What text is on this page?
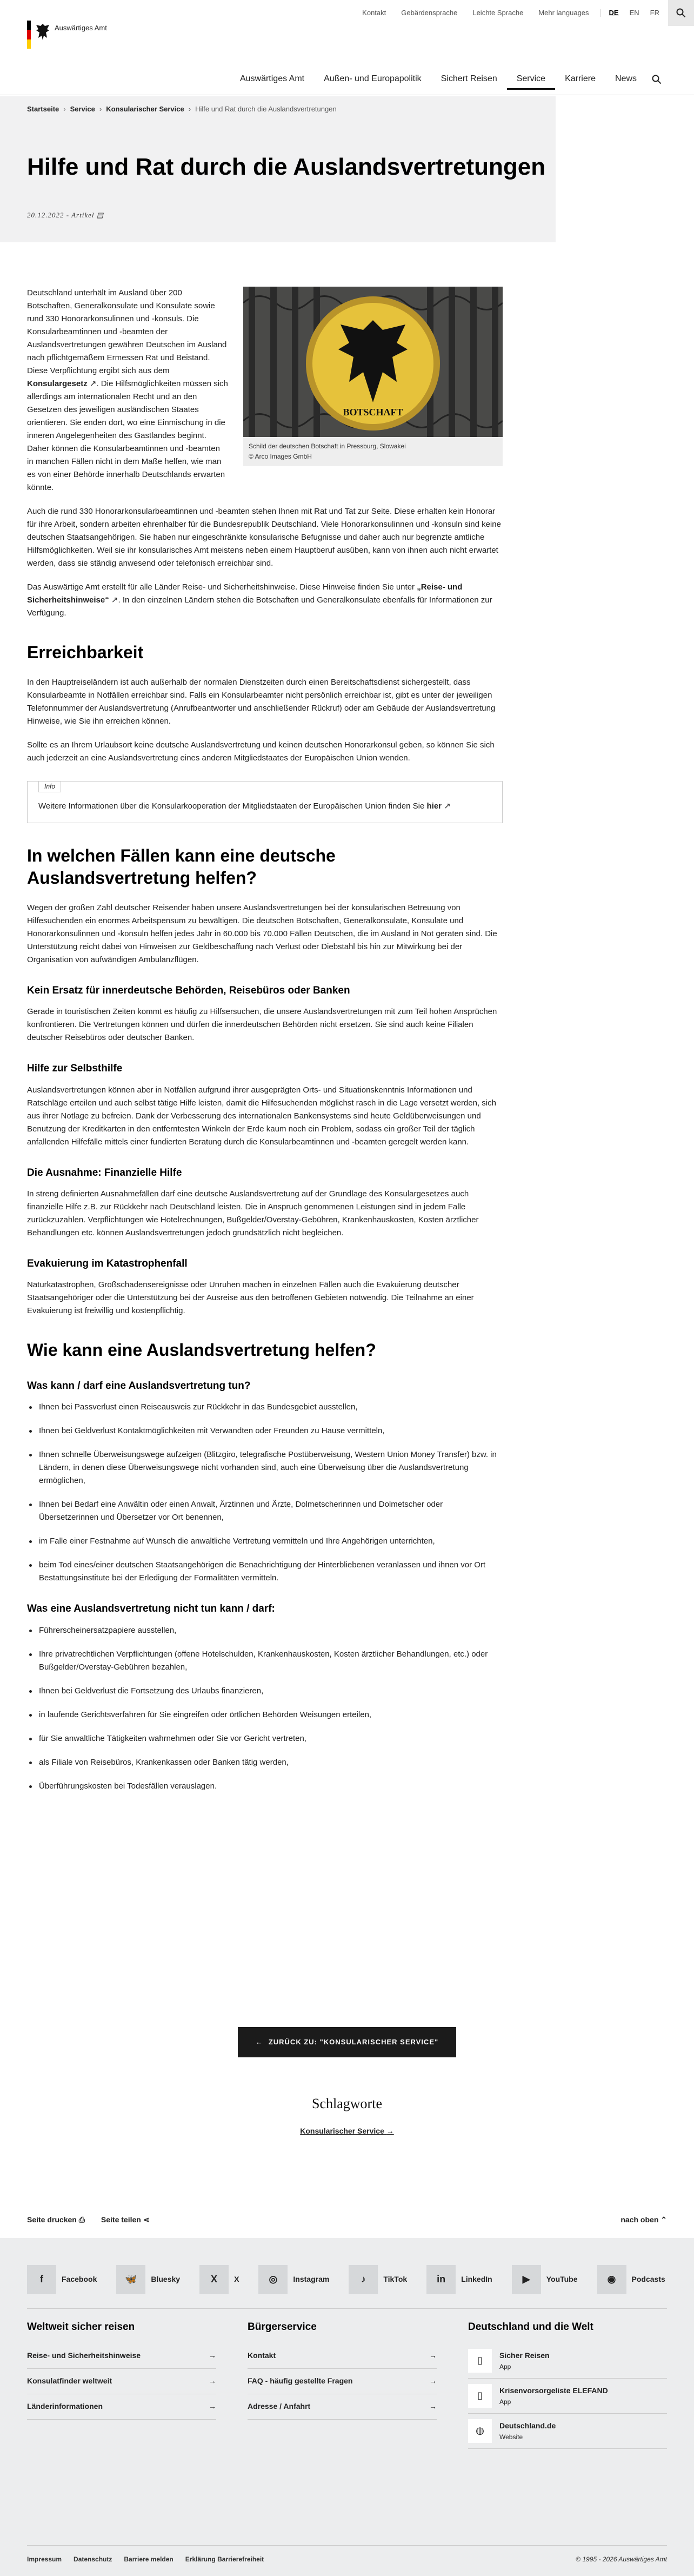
Kontakt Gebärdensprache Leichte Sprache Mehr languages	DE EN FR
Auswärtiges Amt
Auswärtiges Amt	Außen- und Europapolitik	Sichert Reisen	Service	Karriere	News
Startseite › Service › Konsularischer Service › Hilfe und Rat durch die Auslandsvertretungen
Hilfe und Rat durch die Auslandsvertretungen
20.12.2022 - Artikel ▤
BOTSCHAFT
Schild der deutschen Botschaft in Pressburg, Slowakei
© Arco Images GmbH

Deutschland unterhält im Ausland über 200 Botschaften, Generalkonsulate und Konsulate sowie rund 330 Honorarkonsulinnen und -konsuls. Die Konsularbeamtinnen und -beamten der Auslandsvertretungen gewähren Deutschen im Ausland nach pflichtgemäßem Ermessen Rat und Beistand. Diese Verpflichtung ergibt sich aus dem Konsulargesetz ↗. Die Hilfsmöglichkeiten müssen sich allerdings am internationalen Recht und an den Gesetzen des jeweiligen ausländischen Staates orientieren. Sie enden dort, wo eine Einmischung in die inneren Angelegenheiten des Gastlandes beginnt. Daher können die Konsularbeamtinnen und -beamten in manchen Fällen nicht in dem Maße helfen, wie man es von einer Behörde innerhalb Deutschlands erwarten könnte.

Auch die rund 330 Honorarkonsularbeamtinnen und -beamten stehen Ihnen mit Rat und Tat zur Seite. Diese erhalten kein Honorar für ihre Arbeit, sondern arbeiten ehrenhalber für die Bundesrepublik Deutschland. Viele Honorarkonsulinnen und -konsuln sind keine deutschen Staatsangehörigen. Sie haben nur eingeschränkte konsularische Befugnisse und daher auch nur begrenzte amtliche Hilfsmöglichkeiten. Weil sie ihr konsularisches Amt meistens neben einem Hauptberuf ausüben, kann von ihnen auch nicht erwartet werden, dass sie ständig anwesend oder telefonisch erreichbar sind.

Das Auswärtige Amt erstellt für alle Länder Reise- und Sicherheitshinweise. Diese Hinweise finden Sie unter „Reise- und Sicherheitshinweise“ ↗. In den einzelnen Ländern stehen die Botschaften und Generalkonsulate ebenfalls für Informationen zur Verfügung.

Erreichbarkeit

In den Hauptreiseländern ist auch außerhalb der normalen Dienstzeiten durch einen Bereitschaftsdienst sichergestellt, dass Konsularbeamte in Notfällen erreichbar sind. Falls ein Konsularbeamter nicht persönlich erreichbar ist, gibt es unter der jeweiligen Telefonnummer der Auslandsvertretung (Anrufbeantworter und anschließender Rückruf) oder am Gebäude der Auslandsvertretung Hinweise, wie Sie ihn erreichen können.

Sollte es an Ihrem Urlaubsort keine deutsche Auslandsvertretung und keinen deutschen Honorarkonsul geben, so können Sie sich auch jederzeit an eine Auslandsvertretung eines anderen Mitgliedstaates der Europäischen Union wenden.

Info

Weitere Informationen über die Konsularkooperation der Mitgliedstaaten der Europäischen Union finden Sie hier ↗

In welchen Fällen kann eine deutsche Auslandsvertretung helfen?

Wegen der großen Zahl deutscher Reisender haben unsere Auslandsvertretungen bei der konsularischen Betreuung von Hilfesuchenden ein enormes Arbeitspensum zu bewältigen. Die deutschen Botschaften, Generalkonsulate, Konsulate und Honorarkonsulinnen und -konsuln helfen jedes Jahr in 60.000 bis 70.000 Fällen Deutschen, die im Ausland in Not geraten sind. Die Unterstützung reicht dabei von Hinweisen zur Geldbeschaffung nach Verlust oder Diebstahl bis hin zur Mitwirkung bei der Organisation von aufwändigen Ambulanzflügen.

Kein Ersatz für innerdeutsche Behörden, Reisebüros oder Banken

Gerade in touristischen Zeiten kommt es häufig zu Hilfsersuchen, die unsere Auslandsvertretungen mit zum Teil hohen Ansprüchen konfrontieren. Die Vertretungen können und dürfen die innerdeutschen Behörden nicht ersetzen. Sie sind auch keine Filialen deutscher Reisebüros oder deutscher Banken.

Hilfe zur Selbsthilfe

Auslandsvertretungen können aber in Notfällen aufgrund ihrer ausgeprägten Orts- und Situationskenntnis Informationen und Ratschläge erteilen und auch selbst tätige Hilfe leisten, damit die Hilfesuchenden möglichst rasch in die Lage versetzt werden, sich aus ihrer Notlage zu befreien. Dank der Verbesserung des internationalen Bankensystems sind heute Geldüberweisungen und Benutzung der Kreditkarten in den entferntesten Winkeln der Erde kaum noch ein Problem, sodass ein großer Teil der täglich anfallenden Hilfefälle mittels einer fundierten Beratung durch die Konsularbeamtinnen und -beamten geregelt werden kann.

Die Ausnahme: Finanzielle Hilfe

In streng definierten Ausnahmefällen darf eine deutsche Auslandsvertretung auf der Grundlage des Konsulargesetzes auch finanzielle Hilfe z.B. zur Rückkehr nach Deutschland leisten. Die in Anspruch genommenen Leistungen sind in jedem Falle zurückzuzahlen. Verpflichtungen wie Hotelrechnungen, Bußgelder/Overstay-Gebühren, Krankenhauskosten, Kosten ärztlicher Behandlungen etc. können Auslandsvertretungen jedoch grundsätzlich nicht begleichen.

Evakuierung im Katastrophenfall

Naturkatastrophen, Großschadensereignisse oder Unruhen machen in einzelnen Fällen auch die Evakuierung deutscher Staatsangehöriger oder die Unterstützung bei der Ausreise aus den betroffenen Gebieten notwendig. Die Teilnahme an einer Evakuierung ist freiwillig und kostenpflichtig.

Wie kann eine Auslandsvertretung helfen?
Was kann / darf eine Auslandsvertretung tun?
Ihnen bei Passverlust einen Reiseausweis zur Rückkehr in das Bundesgebiet ausstellen,
Ihnen bei Geldverlust Kontaktmöglichkeiten mit Verwandten oder Freunden zu Hause vermitteln,
Ihnen schnelle Überweisungswege aufzeigen (Blitzgiro, telegrafische Postüberweisung, Western Union Money Transfer) bzw. in Ländern, in denen diese Überweisungswege nicht vorhanden sind, auch eine Überweisung über die Auslandsvertretung ermöglichen,
Ihnen bei Bedarf eine Anwältin oder einen Anwalt, Ärztinnen und Ärzte, Dolmetscherinnen und Dolmetscher oder Übersetzerinnen und Übersetzer vor Ort benennen,
im Falle einer Festnahme auf Wunsch die anwaltliche Vertretung vermitteln und Ihre Angehörigen unterrichten,
beim Tod eines/einer deutschen Staatsangehörigen die Benachrichtigung der Hinterbliebenen veranlassen und ihnen vor Ort Bestattungsinstitute bei der Erledigung der Formalitäten vermitteln.
Was eine Auslandsvertretung nicht tun kann / darf:
Führerscheinersatzpapiere ausstellen,
Ihre privatrechtlichen Verpflichtungen (offene Hotelschulden, Krankenhauskosten, Kosten ärztlicher Behandlungen, etc.) oder Bußgelder/Overstay-Gebühren bezahlen,
Ihnen bei Geldverlust die Fortsetzung des Urlaubs finanzieren,
in laufende Gerichtsverfahren für Sie eingreifen oder örtlichen Behörden Weisungen erteilen,
für Sie anwaltliche Tätigkeiten wahrnehmen oder Sie vor Gericht vertreten,
als Filiale von Reisebüros, Krankenkassen oder Banken tätig werden,
Überführungskosten bei Todesfällen verauslagen.
← ZURÜCK ZU: "KONSULARISCHER SERVICE"
Schlagworte
Konsularischer Service →
Seite drucken ⎙ Seite teilen ⋖	nach oben ⌃
f	Facebook	🦋	Bluesky	X	X	◎	Instagram	♪	TikTok	in	LinkedIn	▶	YouTube	◉	Podcasts
Weltweit sicher reisen
Reise- und Sicherheitshinweise	→
Konsulatfinder weltweit	→
Länderinformationen	→
Bürgerservice
Kontakt	→
FAQ - häufig gestellte Fragen	→
Adresse / Anfahrt	→
Deutschland und die Welt
▯	Sicher Reisen
App
▯	Krisenvorsorgeliste ELEFAND
App
◍	Deutschland.de
Website
Impressum Datenschutz Barriere melden Erklärung Barrierefreiheit	© 1995 - 2026 Auswärtiges Amt
